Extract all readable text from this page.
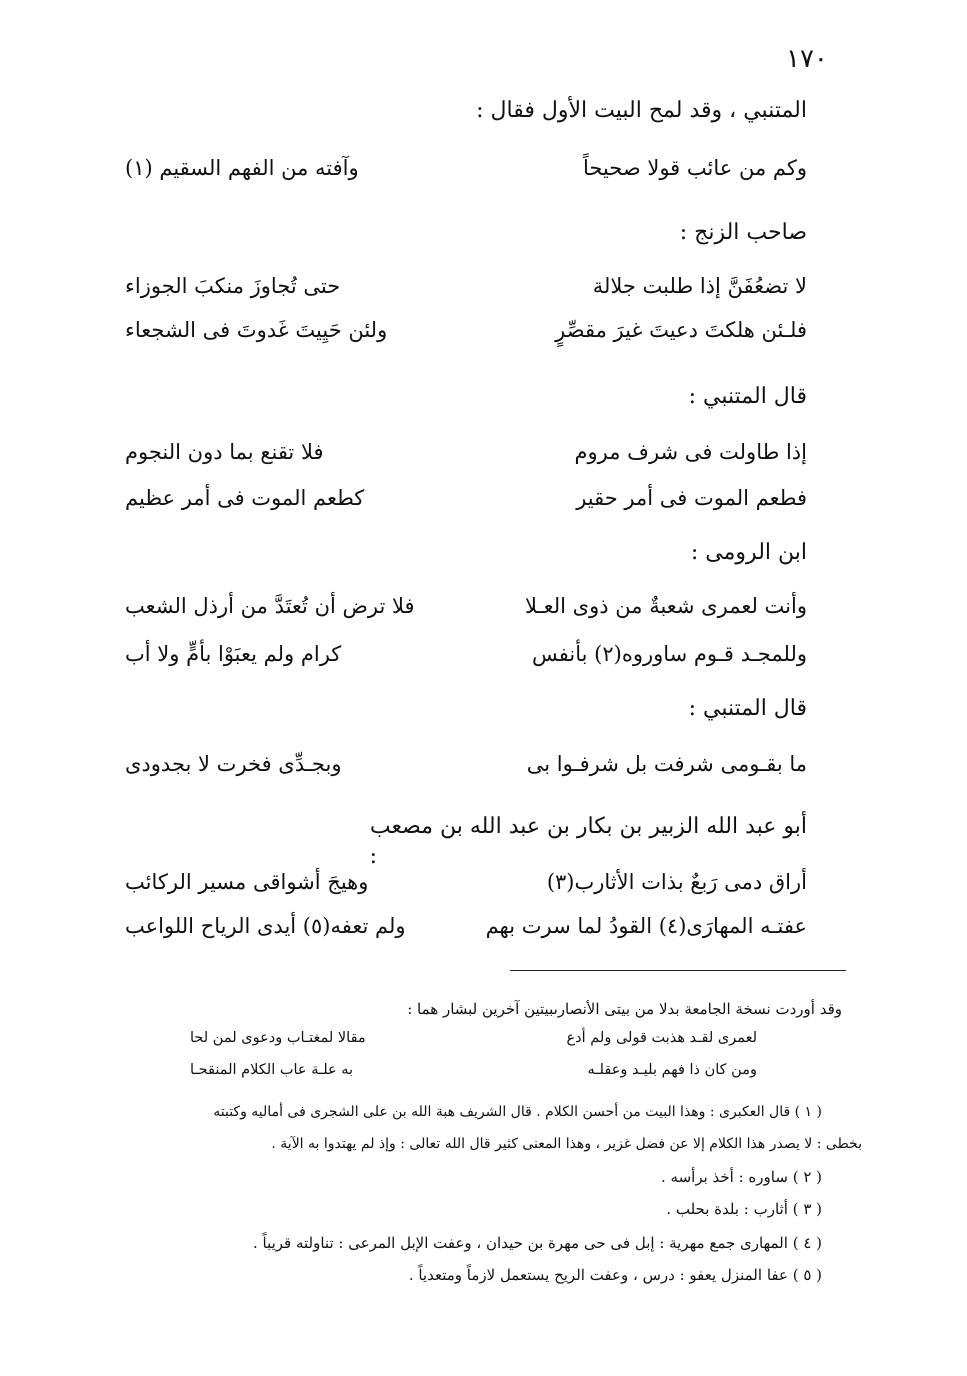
١٧٠
المتنبي ، وقد لمح البيت الأول فقال :
وكم من عائب قولا صحيحاً
وآفته من الفهم السقيم (١)
صاحب الزنج :
لا تضعُفَنَّ إذا طلبت جلالة
حتى تُجاوزَ منكبَ الجوزاء
فلـئن هلكتَ دعيتَ غيرَ مقصِّرٍ
ولئن حَيِيتَ غَدوتَ فى الشجعاء
قال المتنبي :
إذا طاولت فى شرف مروم
فلا تقنع بما دون النجوم
فطعم الموت فى أمر حقير
كطعم الموت فى أمر عظيم
ابن الرومى :
وأنت لعمرى شعبةٌ من ذوى العـلا
فلا ترض أن تُعتَدَّ من أرذل الشعب
وللمجـد قـوم ساوروه(٢) بأنفس
كرام ولم يعبَوْا بأمٍّ ولا أب
قال المتنبي :
ما بقـومى شرفت بل شرفـوا بى
وبجـدِّى فخرت لا بجدودى
أبو عبد الله الزبير بن بكار بن عبد الله بن مصعب
:
أراق دمى رَبعٌ بذات الأثارب(٣)
وهيجَ أشواقى مسير الركائب
عفتـه المهارَى(٤) القودُ لما سرت بهم
ولم تعفه(٥) أيدى الرياح اللواعب
وقد أوردت نسخة الجامعة بدلا من بيتى الأنصارىبيتين آخرين لبشار هما :
لعمرى لقـد هذبت قولى ولم أدع
مقالا لمغتـاب ودعوى لمن لحا
ومن كان ذا فهم بليـد وعقلـه
به علـة عاب الكلام المنقحـا
( ١ ) قال العكبرى : وهذا البيت من أحسن الكلام . قال الشريف هبة الله بن على الشجرى فى أماليه وكتبته
بخطى : لا يصدر هذا الكلام إلا عن فضل غزير ، وهذا المعنى كثير قال الله تعالى : وإذ لم يهتدوا به الآية .
( ٢ ) ساوره : أخذ برأسه .
( ٣ ) أثارب : بلدة بحلب .
( ٤ ) المهارى جمع مهرية : إبل فى حى مهرة بن حيدان ، وعفت الإبل المرعى : تناولته قريباً .
( ٥ ) عفا المنزل يعفو : درس ، وعفت الريح يستعمل لازماً ومتعدياً .
